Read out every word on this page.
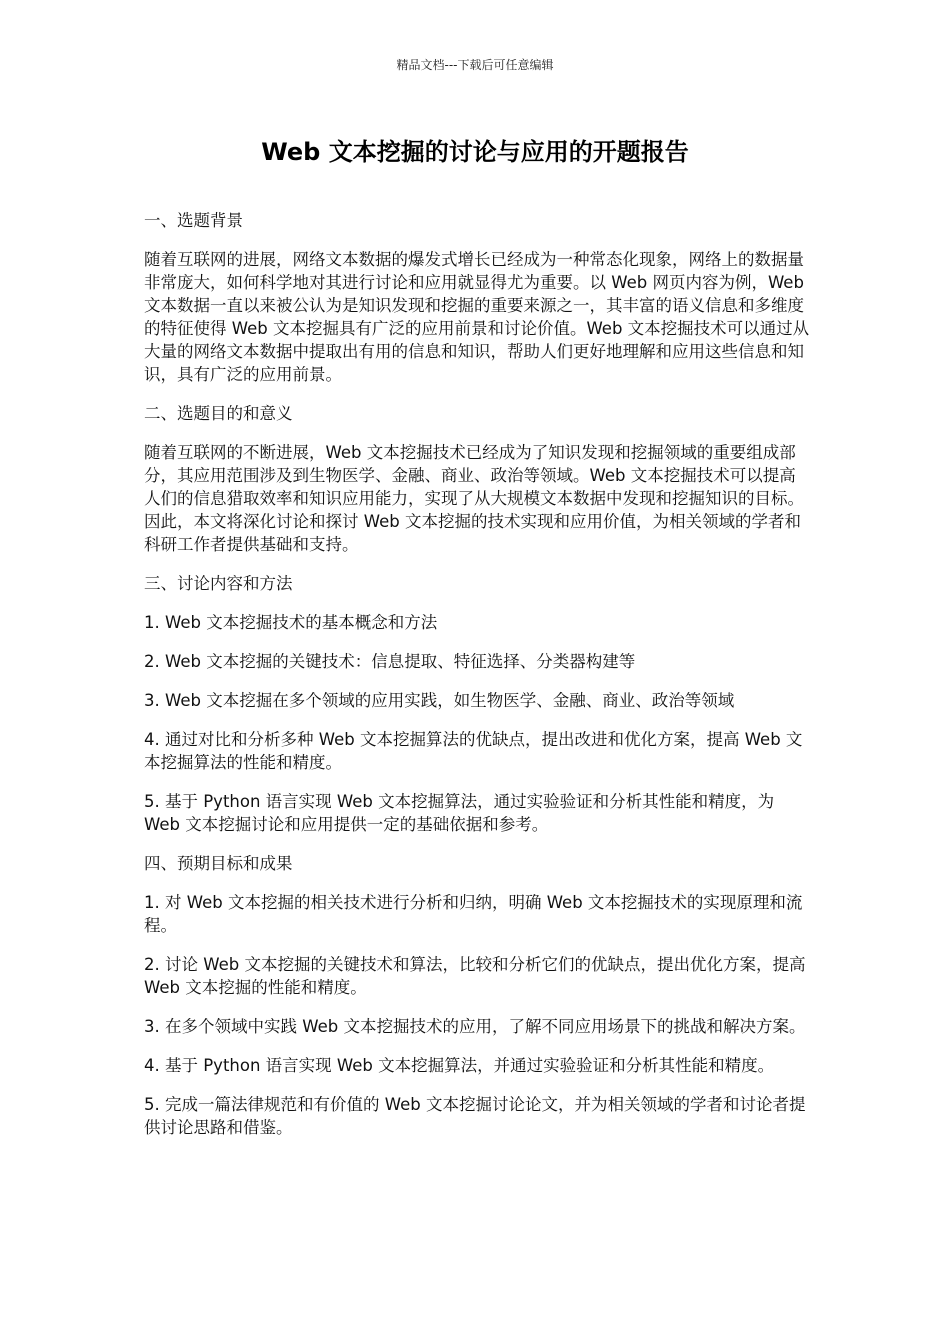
精品文档---下载后可任意编辑
Web 文本挖掘的讨论与应用的开题报告

一、选题背景

随着互联网的进展，网络文本数据的爆发式增长已经成为一种常态化现象，网络上的数据量非常庞大，如何科学地对其进行讨论和应用就显得尤为重要。以 Web 网页内容为例，Web 文本数据一直以来被公认为是知识发现和挖掘的重要来源之一，其丰富的语义信息和多维度的特征使得 Web 文本挖掘具有广泛的应用前景和讨论价值。Web 文本挖掘技术可以通过从大量的网络文本数据中提取出有用的信息和知识，帮助人们更好地理解和应用这些信息和知识，具有广泛的应用前景。

二、选题目的和意义

随着互联网的不断进展，Web 文本挖掘技术已经成为了知识发现和挖掘领域的重要组成部分，其应用范围涉及到生物医学、金融、商业、政治等领域。Web 文本挖掘技术可以提高人们的信息猎取效率和知识应用能力，实现了从大规模文本数据中发现和挖掘知识的目标。因此，本文将深化讨论和探讨 Web 文本挖掘的技术实现和应用价值，为相关领域的学者和科研工作者提供基础和支持。

三、讨论内容和方法

1. Web 文本挖掘技术的基本概念和方法

2. Web 文本挖掘的关键技术：信息提取、特征选择、分类器构建等

3. Web 文本挖掘在多个领域的应用实践，如生物医学、金融、商业、政治等领域

4. 通过对比和分析多种 Web 文本挖掘算法的优缺点，提出改进和优化方案，提高 Web 文本挖掘算法的性能和精度。

5. 基于 Python 语言实现 Web 文本挖掘算法，通过实验验证和分析其性能和精度，为 Web 文本挖掘讨论和应用提供一定的基础依据和参考。

四、预期目标和成果

1. 对 Web 文本挖掘的相关技术进行分析和归纳，明确 Web 文本挖掘技术的实现原理和流程。

2. 讨论 Web 文本挖掘的关键技术和算法，比较和分析它们的优缺点，提出优化方案，提高 Web 文本挖掘的性能和精度。

3. 在多个领域中实践 Web 文本挖掘技术的应用，了解不同应用场景下的挑战和解决方案。

4. 基于 Python 语言实现 Web 文本挖掘算法，并通过实验验证和分析其性能和精度。

5. 完成一篇法律规范和有价值的 Web 文本挖掘讨论论文，并为相关领域的学者和讨论者提供讨论思路和借鉴。
